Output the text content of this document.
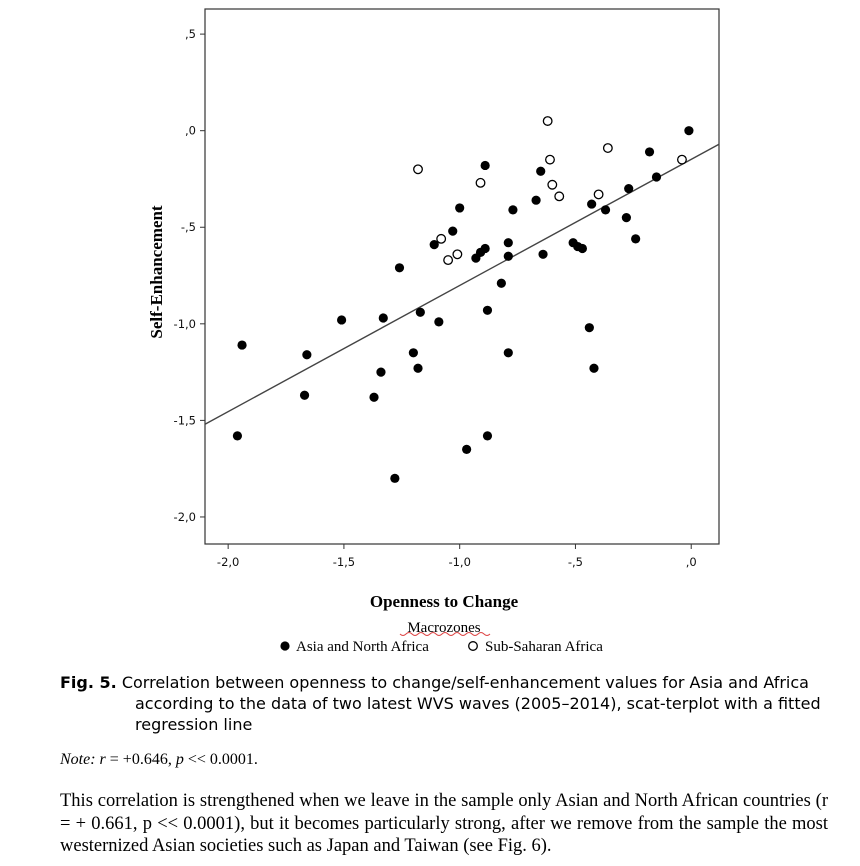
-2,0	-1,5	-1,0	-,5	,0
,5
,0
-,5
-1,0
-1,5
-2,0
Openness to Change
Self-Enhancement
Macrozones
Asia and North Africa	Sub-Saharan Africa
Fig. 5. Correlation between openness to change/self-enhancement values for Asia and Africa according to the data of two latest WVS waves (2005–2014), scat-terplot with a fitted regression line
Note: r = +0.646, p << 0.0001.
This correlation is strengthened when we leave in the sample only Asian and North African countries (r = + 0.661, p << 0.0001), but it becomes particularly strong, after we remove from the sample the most westernized Asian societies such as Japan and Taiwan (see Fig. 6).
